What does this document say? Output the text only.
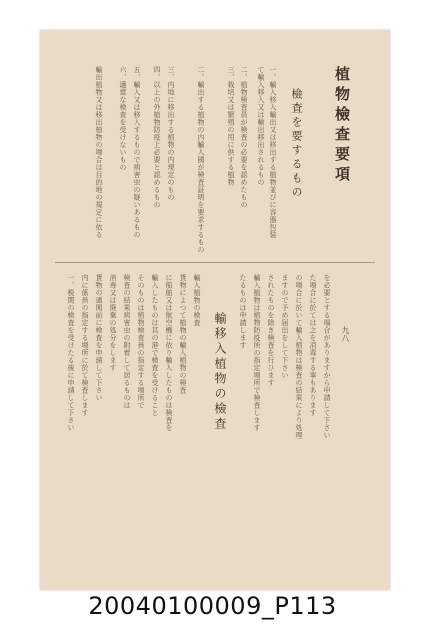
植物檢查要項
檢査を要するもの
一、輸入移入輸出又は移出する植物並びに容器包装
て輸入移入又は輸出移出されるもの
二、植物検査員が検査の必要を認めたもの
三、栽培又は繁殖の用に供する植物
二、輸出する植物の内輸入國が検査証明を要求するもの
三、内地に移出する植物の内規定のもの
四、以上の外植物防疫上必要と認めるもの
五、輸入又は移入するもので病害虫の疑いあるもの
六、適當な検査を受けないもの
輸出植物又は移出植物の場合は目的地の規定に依る
九八
を必要とする場合がありますから申請して下さい
た場合に於ては之を消毒する事もあります
の場合に於いて輸入植物は検査の結果により処理
ますので予め届出をして下さい
されたものを除き検査を行ひます
輸入植物は植物防疫所の指定場所で検査します
たるものは申請します
輸移入植物の檢査
輸入植物の検査
貨物によつて植物の輸入植物の検査
に船舶又は航空機に依り輸入したものは検査を
輸入したものは其の港で検査を受けること
そのものは植物検査員の指定する場所で
検査の結果病害虫の附着して居るものは
消毒又は廃棄の処分をします
貨物の通関前に検査を申請して下さい
内に係員の指定する場所に於て検査します
一、税関の検査を受けたる後に申請して下さい
20040100009_P113
